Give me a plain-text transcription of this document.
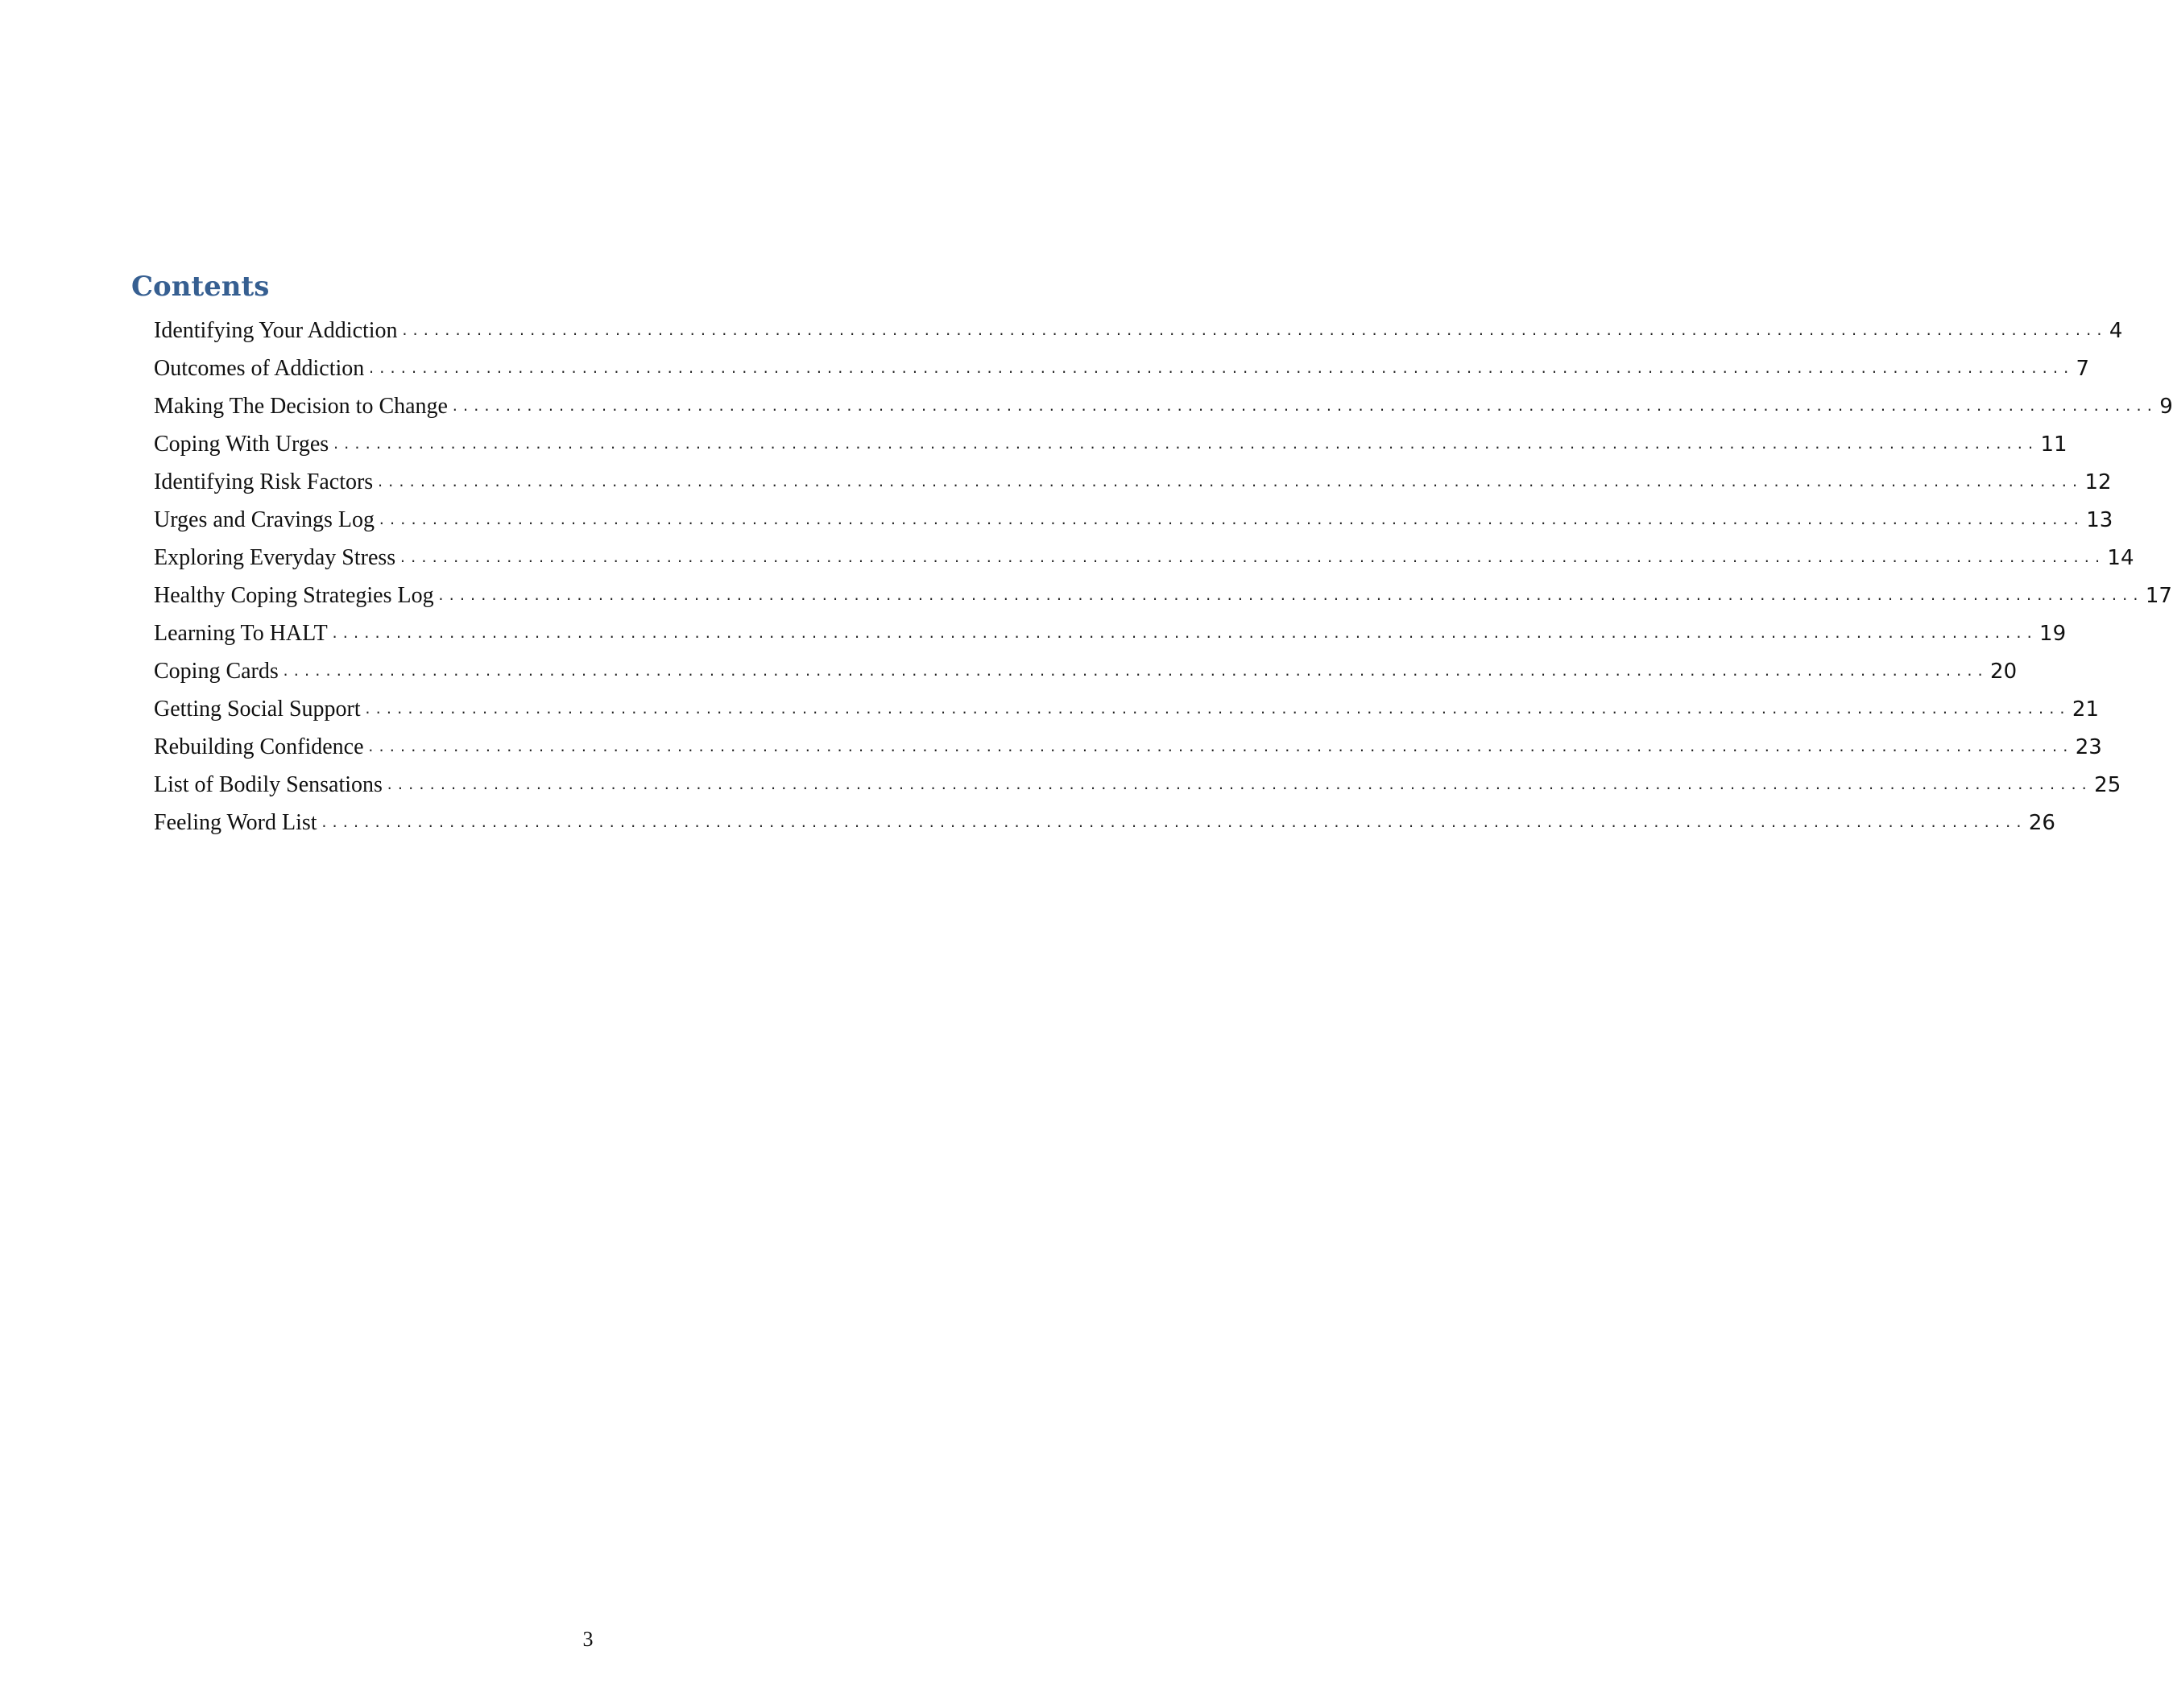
Contents
Identifying Your Addiction ................................................................................................................................................................ 4
Outcomes of Addiction ................................................................................................................................................................ 7
Making The Decision to Change ................................................................................................................................................................ 9
Coping With Urges ................................................................................................................................................................ 11
Identifying Risk Factors ................................................................................................................................................................ 12
Urges and Cravings Log ................................................................................................................................................................ 13
Exploring Everyday Stress ................................................................................................................................................................ 14
Healthy Coping Strategies Log ................................................................................................................................................................ 17
Learning To HALT ................................................................................................................................................................ 19
Coping Cards ................................................................................................................................................................ 20
Getting Social Support ................................................................................................................................................................ 21
Rebuilding Confidence ................................................................................................................................................................ 23
List of Bodily Sensations ................................................................................................................................................................ 25
Feeling Word List ................................................................................................................................................................ 26
3
